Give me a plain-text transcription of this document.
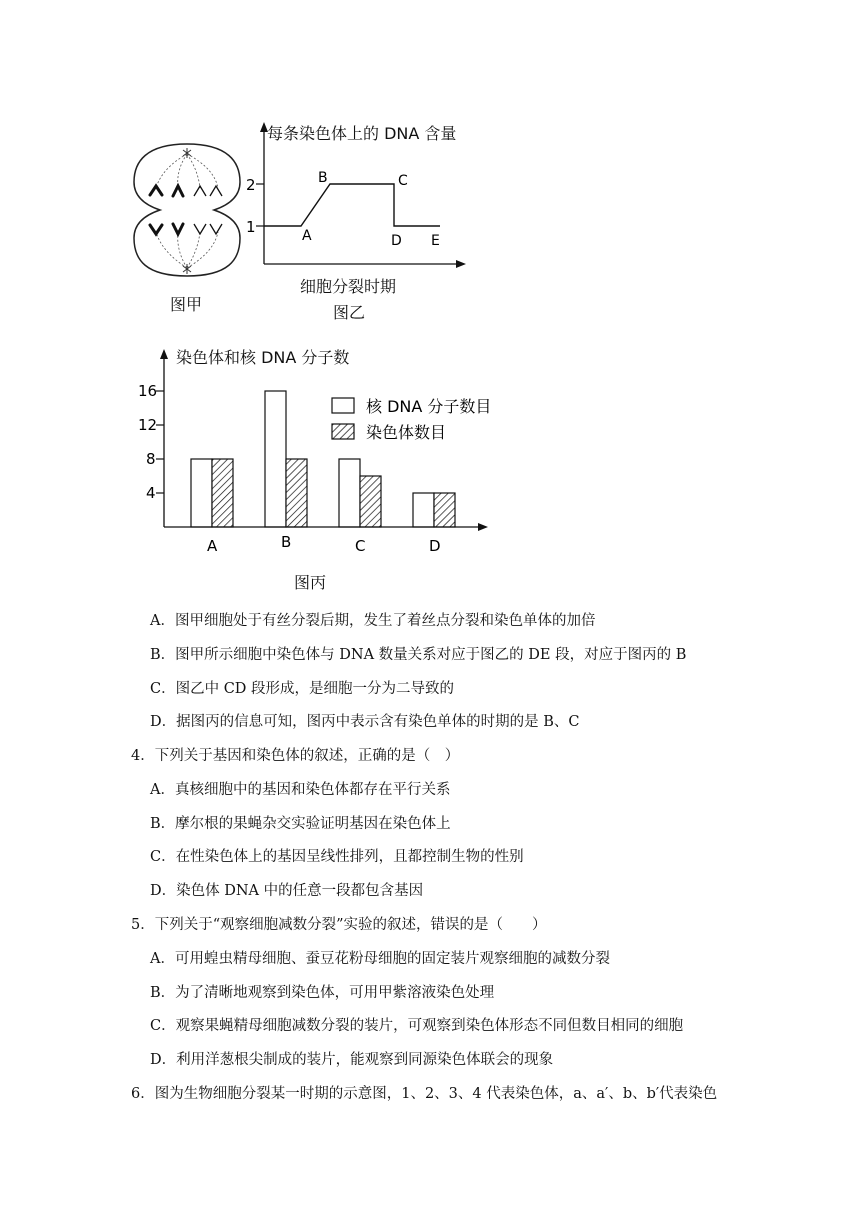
图甲
2
1	A
B	C
D E
每条染色体上的 DNA 含量
细胞分裂时期
图乙
染色体和核 DNA 分子数
A	B	C	D
4
8
12
16
核 DNA 分子数目
染色体数目
图丙
A．图甲细胞处于有丝分裂后期，发生了着丝点分裂和染色单体的加倍
B．图甲所示细胞中染色体与 DNA 数量关系对应于图乙的 DE 段，对应于图丙的 B
C．图乙中 CD 段形成，是细胞一分为二导致的
D．据图丙的信息可知，图丙中表示含有染色单体的时期的是 B、C
4．下列关于基因和染色体的叙述，正确的是（　）
A．真核细胞中的基因和染色体都存在平行关系
B．摩尔根的果蝇杂交实验证明基因在染色体上
C．在性染色体上的基因呈线性排列，且都控制生物的性别
D．染色体 DNA 中的任意一段都包含基因
5．下列关于“观察细胞减数分裂”实验的叙述，错误的是（　　）
A．可用蝗虫精母细胞、蚕豆花粉母细胞的固定装片观察细胞的减数分裂
B．为了清晰地观察到染色体，可用甲紫溶液染色处理
C．观察果蝇精母细胞减数分裂的装片，可观察到染色体形态不同但数目相同的细胞
D．利用洋葱根尖制成的装片，能观察到同源染色体联会的现象
6．图为生物细胞分裂某一时期的示意图，1、2、3、4 代表染色体，a、a′、b、b′代表染色
